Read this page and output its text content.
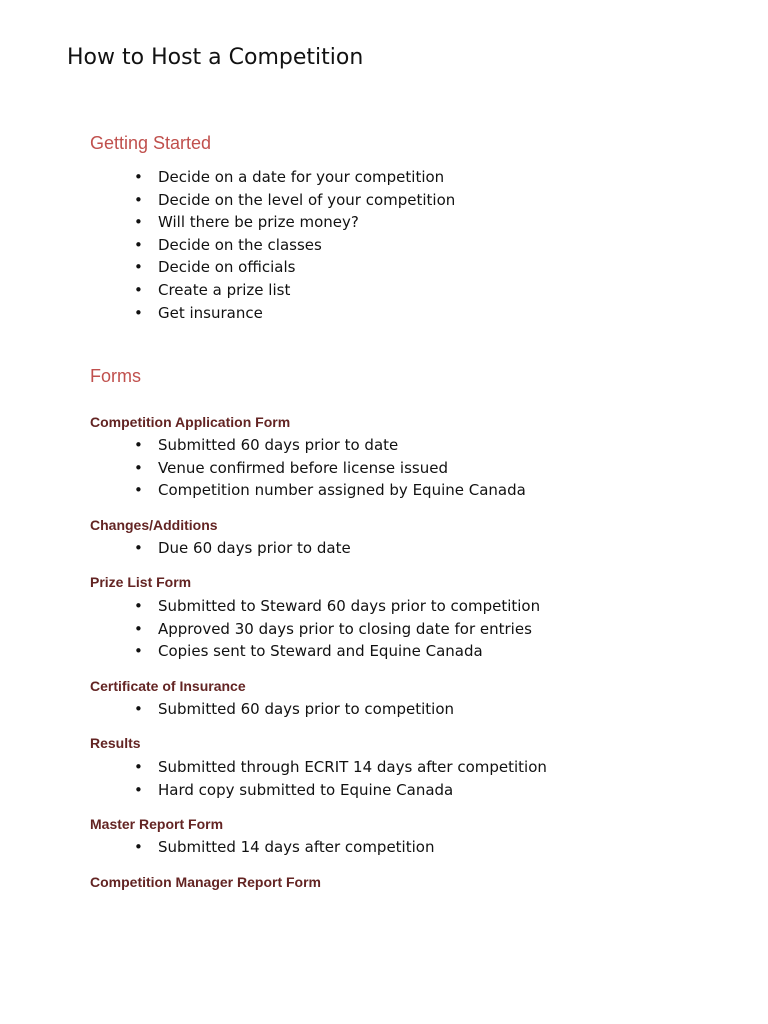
How to Host a Competition
Getting Started
• Decide on a date for your competition
• Decide on the level of your competition
• Will there be prize money?
• Decide on the classes
• Decide on officials
• Create a prize list
• Get insurance
Forms
Competition Application Form
• Submitted 60 days prior to date
• Venue confirmed before license issued
• Competition number assigned by Equine Canada
Changes/Additions
• Due 60 days prior to date
Prize List Form
• Submitted to Steward 60 days prior to competition
• Approved 30 days prior to closing date for entries
• Copies sent to Steward and Equine Canada
Certificate of Insurance
• Submitted 60 days prior to competition
Results
• Submitted through ECRIT 14 days after competition
• Hard copy submitted to Equine Canada
Master Report Form
• Submitted 14 days after competition
Competition Manager Report Form
